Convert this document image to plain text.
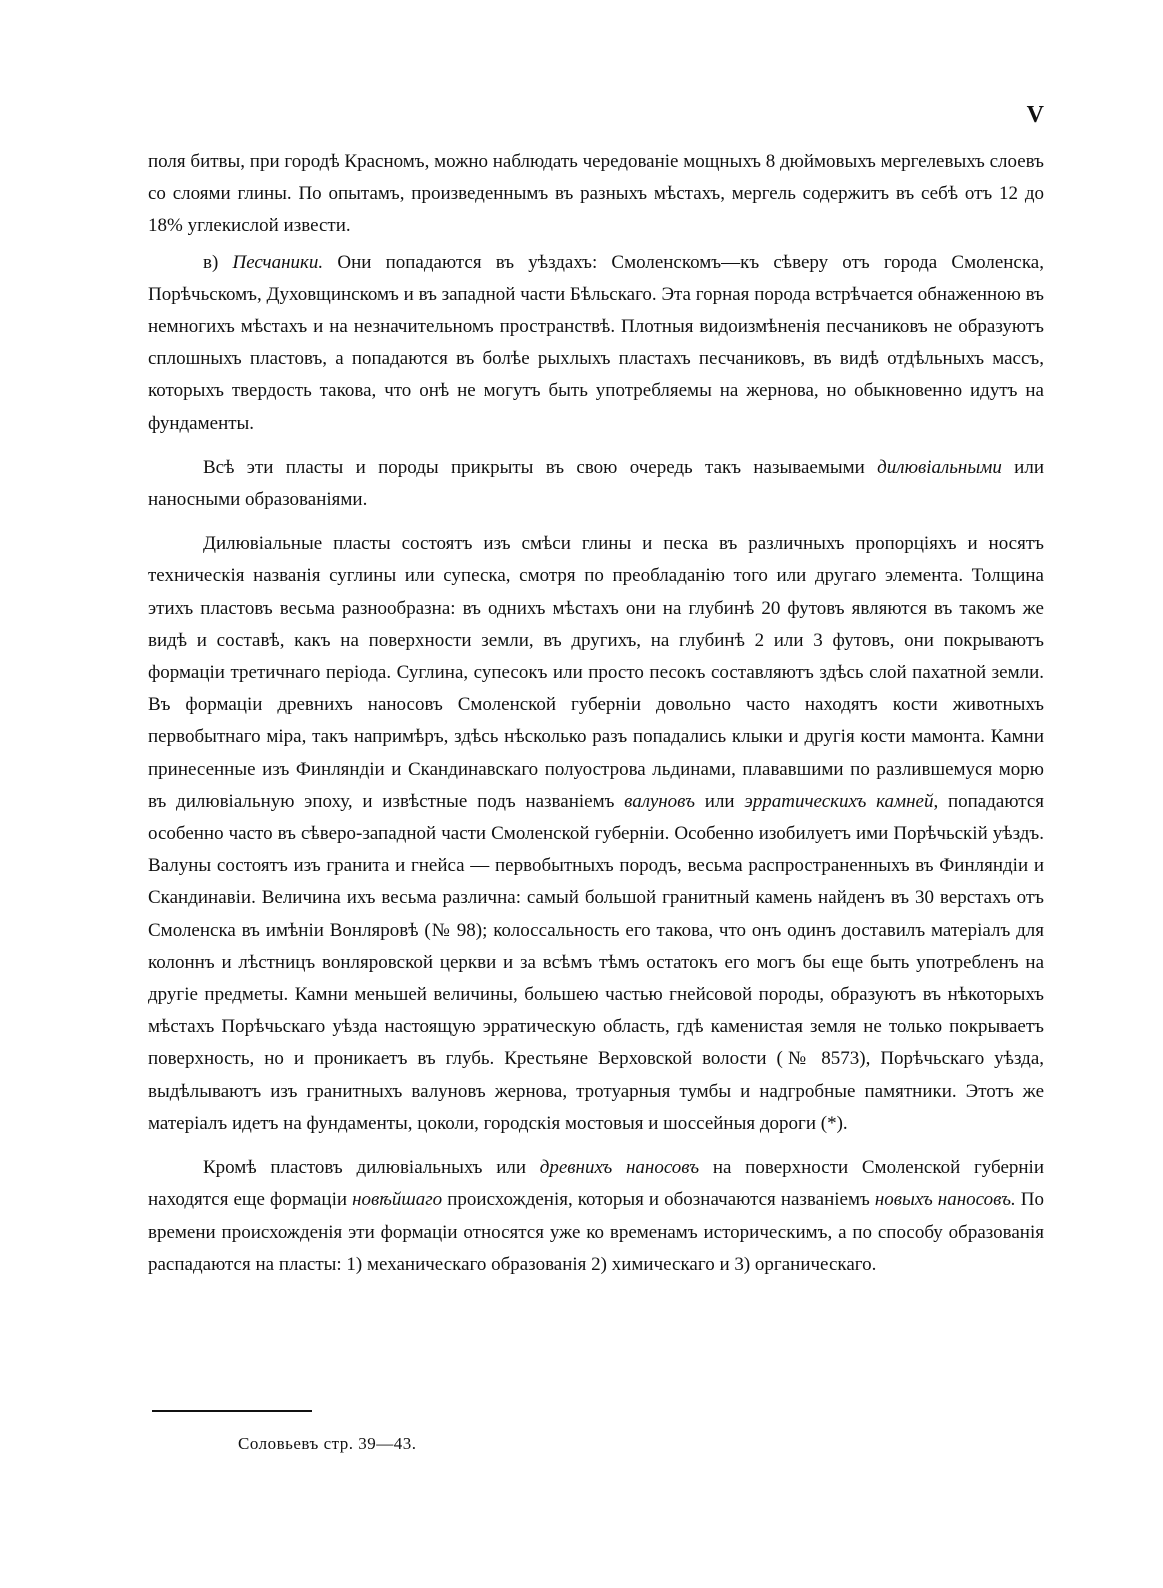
V

поля битвы, при городѣ Красномъ, можно наблюдать чередованіе мощныхъ 8 дюймовыхъ мергелевыхъ слоевъ со слоями глины. По опытамъ, произведеннымъ въ разныхъ мѣстахъ, мергель содержитъ въ себѣ отъ 12 до 18% углекислой извести.

в) Песчаники. Они попадаются въ уѣздахъ: Смоленскомъ—къ сѣверу отъ города Смоленска, Порѣчьскомъ, Духовщинскомъ и въ западной части Бѣльскаго. Эта горная порода встрѣчается обнаженною въ немногихъ мѣстахъ и на незначительномъ пространствѣ. Плотныя видоизмѣненія песчаниковъ не образуютъ сплошныхъ пластовъ, а попадаются въ болѣе рыхлыхъ пластахъ песчаниковъ, въ видѣ отдѣльныхъ массъ, которыхъ твердость такова, что онѣ не могутъ быть употребляемы на жернова, но обыкновенно идутъ на фундаменты.

Всѣ эти пласты и породы прикрыты въ свою очередь такъ называемыми дилювіальными или наносными образованіями.

Дилювіальные пласты состоятъ изъ смѣси глины и песка въ различныхъ пропорціяхъ и носятъ техническія названія суглины или супеска, смотря по преобладанію того или другаго элемента. Толщина этихъ пластовъ весьма разнообразна: въ однихъ мѣстахъ они на глубинѣ 20 футовъ являются въ такомъ же видѣ и составѣ, какъ на поверхности земли, въ другихъ, на глубинѣ 2 или 3 футовъ, они покрываютъ формаціи третичнаго періода. Суглина, супесокъ или просто песокъ составляютъ здѣсь слой пахатной земли. Въ формаціи древнихъ наносовъ Смоленской губерніи довольно часто находятъ кости животныхъ первобытнаго міра, такъ напримѣръ, здѣсь нѣсколько разъ попадались клыки и другія кости мамонта. Камни принесенные изъ Финляндіи и Скандинавскаго полуострова льдинами, плававшими по разлившемуся морю въ дилювіальную эпоху, и извѣстные подъ названіемъ валуновъ или эрратическихъ камней, попадаются особенно часто въ сѣверо-западной части Смоленской губерніи. Особенно изобилуетъ ими Порѣчьскій уѣздъ. Валуны состоятъ изъ гранита и гнейса — первобытныхъ породъ, весьма распространенныхъ въ Финляндіи и Скандинавіи. Величина ихъ весьма различна: самый большой гранитный камень найденъ въ 30 верстахъ отъ Смоленска въ имѣніи Вонляровѣ (№ 98); колоссальность его такова, что онъ одинъ доставилъ матеріалъ для колоннъ и лѣстницъ вонляровской церкви и за всѣмъ тѣмъ остатокъ его могъ бы еще быть употребленъ на другіе предметы. Камни меньшей величины, большею частью гнейсовой породы, образуютъ въ нѣкоторыхъ мѣстахъ Порѣчьскаго уѣзда настоящую эрратическую область, гдѣ каменистая земля не только покрываетъ поверхность, но и проникаетъ въ глубь. Крестьяне Верховской волости (№ 8573), Порѣчьскаго уѣзда, выдѣлываютъ изъ гранитныхъ валуновъ жернова, тротуарныя тумбы и надгробные памятники. Этотъ же матеріалъ идетъ на фундаменты, цоколи, городскія мостовыя и шоссейныя дороги (*).

Кромѣ пластовъ дилювіальныхъ или древнихъ наносовъ на поверхности Смоленской губерніи находятся еще формаціи новѣйшаго происхожденія, которыя и обозначаются названіемъ новыхъ наносовъ. По времени происхожденія эти формаціи относятся уже ко временамъ историческимъ, а по способу образованія распадаются на пласты: 1) механическаго образованія 2) химическаго и 3) органическаго.

Соловьевъ стр. 39—43.
